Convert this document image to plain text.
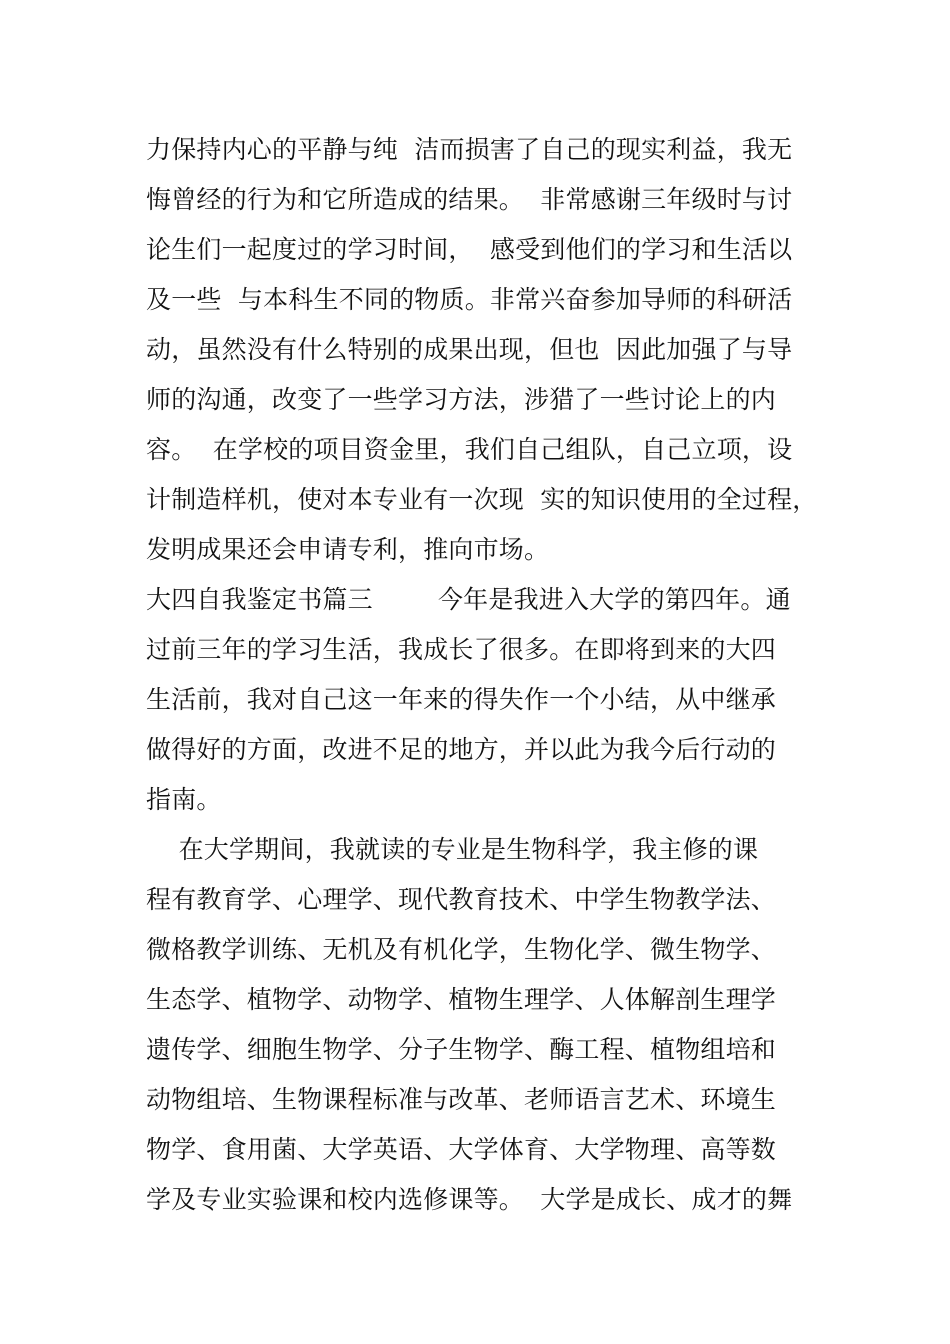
力保持内心的平静与纯  洁而损害了自己的现实利益，我无
悔曾经的行为和它所造成的结果。  非常感谢三年级时与讨
论生们一起度过的学习时间，  感受到他们的学习和生活以
及一些  与本科生不同的物质。非常兴奋参加导师的科研活
动，虽然没有什么特别的成果出现，但也  因此加强了与导
师的沟通，改变了一些学习方法，涉猎了一些讨论上的内
容。  在学校的项目资金里，我们自己组队，自己立项，设
计制造样机，使对本专业有一次现  实的知识使用的全过程，
发明成果还会申请专利，推向市场。
大四自我鉴定书篇三        今年是我进入大学的第四年。通
过前三年的学习生活，我成长了很多。在即将到来的大四
生活前，我对自己这一年来的得失作一个小结，从中继承
做得好的方面，改进不足的地方，并以此为我今后行动的
指南。
在大学期间，我就读的专业是生物科学，我主修的课
程有教育学、心理学、现代教育技术、中学生物教学法、
微格教学训练、无机及有机化学，生物化学、微生物学、
生态学、植物学、动物学、植物生理学、人体解剖生理学
遗传学、细胞生物学、分子生物学、酶工程、植物组培和
动物组培、生物课程标准与改革、老师语言艺术、环境生
物学、食用菌、大学英语、大学体育、大学物理、高等数
学及专业实验课和校内选修课等。  大学是成长、成才的舞
